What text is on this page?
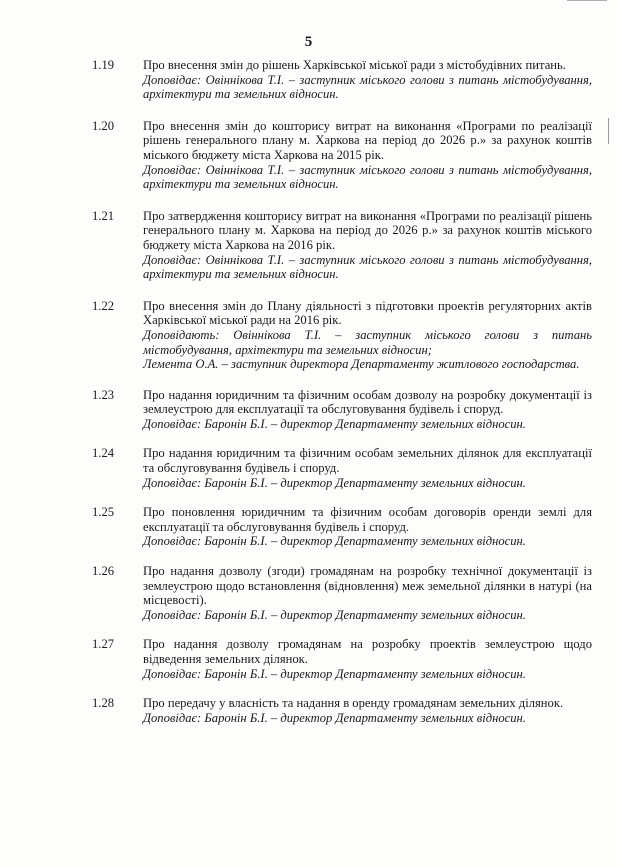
5
1.19	Про внесення змін до рішень Харківської міської ради з містобудівних питань.
Доповідає: Овіннікова Т.І. – заступник міського голови з питань містобудування, архітектури та земельних відносин.
1.20	Про внесення змін до кошторису витрат на виконання «Програми по реалізації рішень генерального плану м. Харкова на період до 2026 р.» за рахунок коштів міського бюджету міста Харкова на 2015 рік.
Доповідає: Овіннікова Т.І. – заступник міського голови з питань містобудування, архітектури та земельних відносин.
1.21	Про затвердження кошторису витрат на виконання «Програми по реалізації рішень генерального плану м. Харкова на період до 2026 р.» за рахунок коштів міського бюджету міста Харкова на 2016 рік.
Доповідає: Овіннікова Т.І. – заступник міського голови з питань містобудування, архітектури та земельних відносин.
1.22	Про внесення змін до Плану діяльності з підготовки проектів регуляторних актів Харківської міської ради на 2016 рік.
Доповідають: Овіннікова Т.І. – заступник міського голови з питань містобудування, архітектури та земельних відносин;
Лемента О.А. – заступник директора Департаменту житлового господарства.
1.23	Про надання юридичним та фізичним особам дозволу на розробку документації із землеустрою для експлуатації та обслуговування будівель і споруд.
Доповідає: Баронін Б.І. – директор Департаменту земельних відносин.
1.24	Про надання юридичним та фізичним особам земельних ділянок для експлуатації та обслуговування будівель і споруд.
Доповідає: Баронін Б.І. – директор Департаменту земельних відносин.
1.25	Про поновлення юридичним та фізичним особам договорів оренди землі для експлуатації та обслуговування будівель і споруд.
Доповідає: Баронін Б.І. – директор Департаменту земельних відносин.
1.26	Про надання дозволу (згоди) громадянам на розробку технічної документації із землеустрою щодо встановлення (відновлення) меж земельної ділянки в натурі (на місцевості).
Доповідає: Баронін Б.І. – директор Департаменту земельних відносин.
1.27	Про надання дозволу громадянам на розробку проектів землеустрою щодо відведення земельних ділянок.
Доповідає: Баронін Б.І. – директор Департаменту земельних відносин.
1.28	Про передачу у власність та надання в оренду громадянам земельних ділянок.
Доповідає: Баронін Б.І. – директор Департаменту земельних відносин.
